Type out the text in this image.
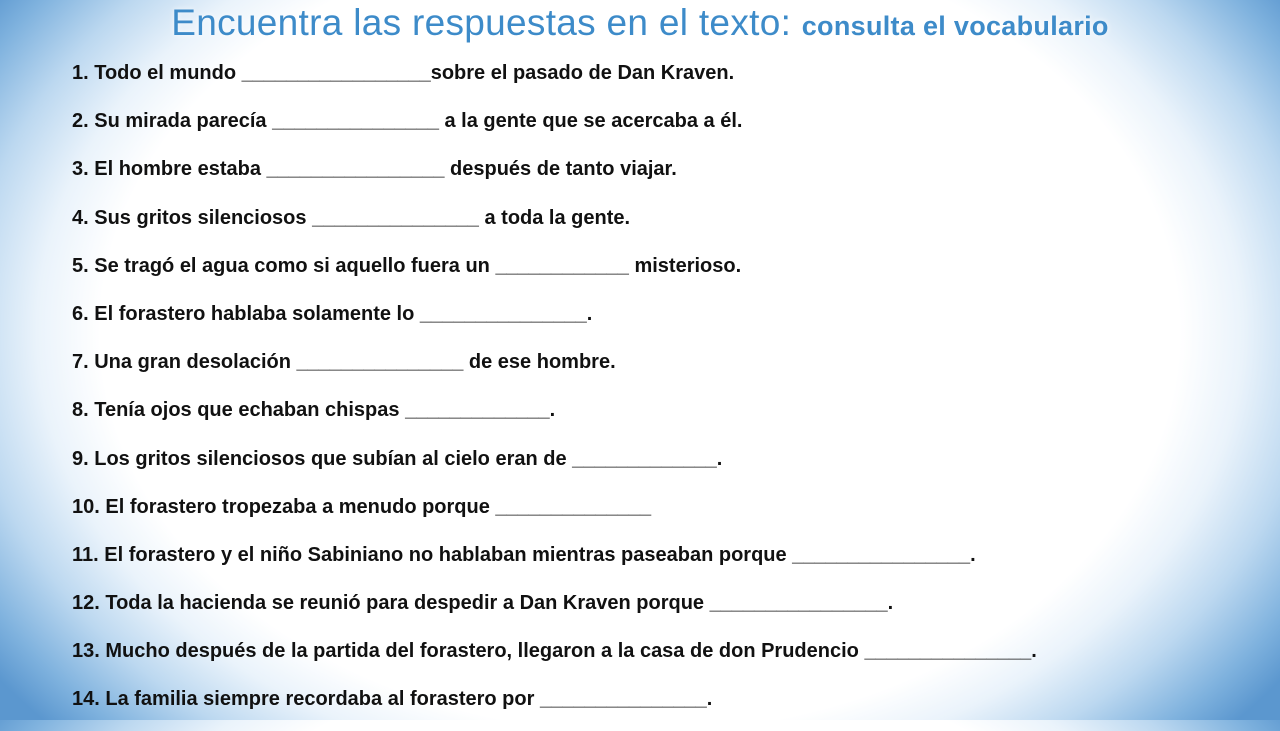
Encuentra las respuestas en el texto: consulta el vocabulario
1. Todo el mundo _________________sobre el pasado de Dan Kraven.
2. Su mirada parecía _______________ a la gente que se acercaba a él.
3. El hombre estaba ________________ después de tanto viajar.
4. Sus gritos silenciosos _______________ a toda la gente.
5. Se tragó el agua como si aquello fuera un ____________ misterioso.
6. El forastero hablaba solamente lo _______________.
7. Una gran desolación _______________ de ese hombre.
8. Tenía ojos que echaban chispas _____________.
9. Los gritos silenciosos que subían al cielo eran de _____________.
10. El forastero tropezaba a menudo porque ______________
11. El forastero y el niño Sabiniano no hablaban mientras paseaban porque ________________.
12. Toda la hacienda se reunió para despedir a Dan Kraven porque ________________.
13. Mucho después de la partida del forastero, llegaron a la casa de don Prudencio _______________.
14. La familia siempre recordaba al forastero por _______________.
